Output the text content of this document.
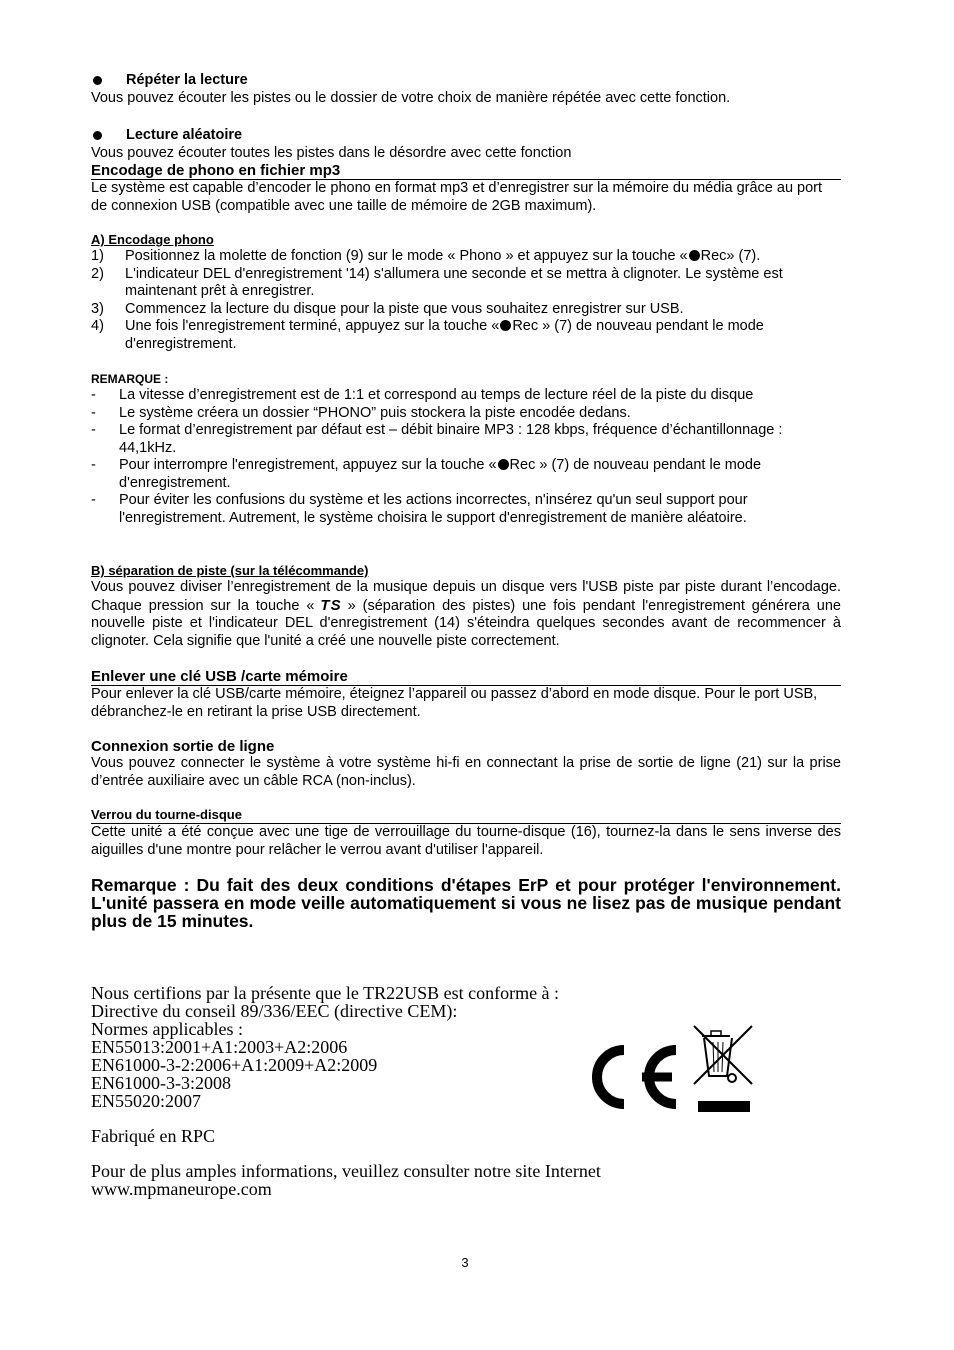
Répéter la lecture

Vous pouvez écouter les pistes ou le dossier de votre choix de manière répétée avec cette fonction.

Lecture aléatoire

Vous pouvez écouter toutes les pistes dans le désordre avec cette fonction

Encodage de phono en fichier mp3

Le système est capable d’encoder le phono en format mp3 et d’enregistrer sur la mémoire du média grâce au port de connexion USB (compatible avec une taille de mémoire de 2GB maximum).

A) Encodage phono
1)	Positionnez la molette de fonction (9) sur le mode « Phono » et appuyez sur la touche « Rec» (7).
2)	L'indicateur DEL d'enregistrement '14) s'allumera une seconde et se mettra à clignoter. Le système est maintenant prêt à enregistrer.
3)	Commencez la lecture du disque pour la piste que vous souhaitez enregistrer sur USB.
4)	Une fois l'enregistrement terminé, appuyez sur la touche « Rec » (7) de nouveau pendant le mode d'enregistrement.
REMARQUE :
-	La vitesse d’enregistrement est de 1:1 et correspond au temps de lecture réel de la piste du disque
-	Le système créera un dossier “PHONO” puis stockera la piste encodée dedans.
-	Le format d’enregistrement par défaut est – débit binaire MP3 : 128 kbps, fréquence d’échantillonnage : 44,1kHz.
-	Pour interrompre l'enregistrement, appuyez sur la touche « Rec » (7) de nouveau pendant le mode d'enregistrement.
-	Pour éviter les confusions du système et les actions incorrectes, n'insérez qu'un seul support pour l'enregistrement. Autrement, le système choisira le support d'enregistrement de manière aléatoire.
B) séparation de piste (sur la télécommande)

Vous pouvez diviser l’enregistrement de la musique depuis un disque vers l'USB piste par piste durant l’encodage. Chaque pression sur la touche « TS » (séparation des pistes) une fois pendant l'enregistrement générera une nouvelle piste et l'indicateur DEL d'enregistrement (14) s'éteindra quelques secondes avant de recommencer à clignoter. Cela signifie que l'unité a créé une nouvelle piste correctement.

Enlever une clé USB /carte mémoire

Pour enlever la clé USB/carte mémoire, éteignez l’appareil ou passez d’abord en mode disque. Pour le port USB, débranchez-le en retirant la prise USB directement.

Connexion sortie de ligne

Vous pouvez connecter le système à votre système hi-fi en connectant la prise de sortie de ligne (21) sur la prise d’entrée auxiliaire avec un câble RCA (non-inclus).

Verrou du tourne-disque

Cette unité a été conçue avec une tige de verrouillage du tourne-disque (16), tournez-la dans le sens inverse des aiguilles d'une montre pour relâcher le verrou avant d'utiliser l'appareil.

Remarque : Du fait des deux conditions d'étapes ErP et pour protéger l'environnement. L'unité passera en mode veille automatiquement si vous ne lisez pas de musique pendant plus de 15 minutes.

Nous certifions par la présente que le TR22USB est conforme à :
Directive du conseil 89/336/EEC (directive CEM):
Normes applicables :
EN55013:2001+A1:2003+A2:2006
EN61000-3-2:2006+A1:2009+A2:2009
EN61000-3-3:2008
EN55020:2007
Fabriqué en RPC
Pour de plus amples informations, veuillez consulter notre site Internet
www.mpmaneurope.com
3
